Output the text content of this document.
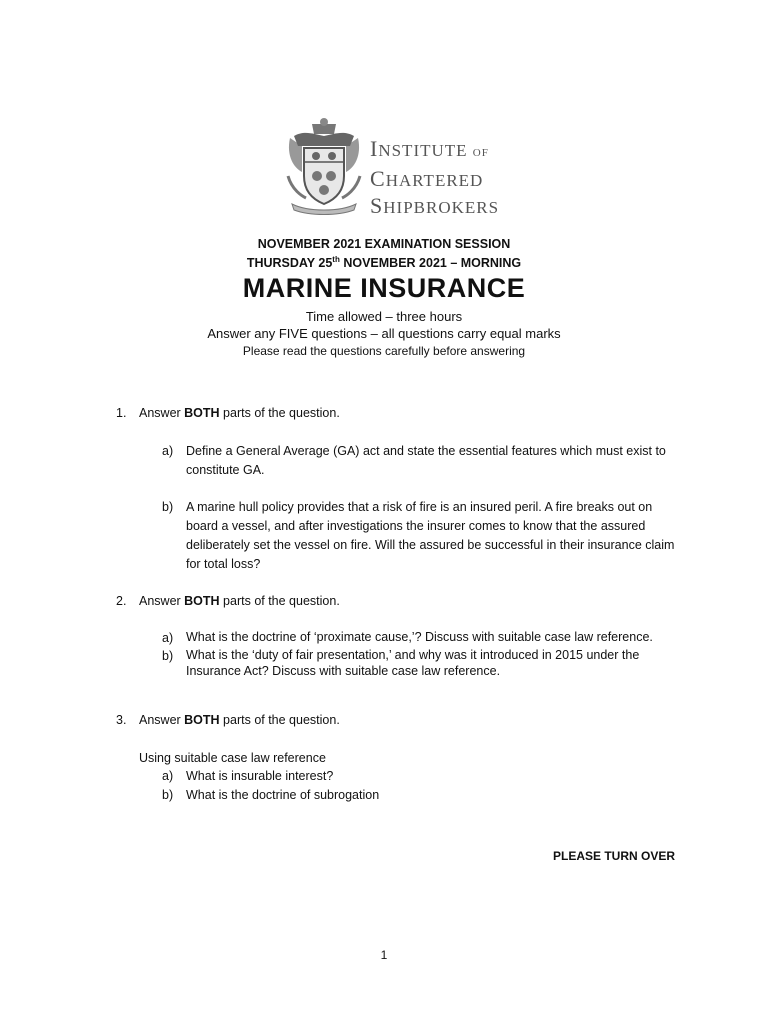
INSTITUTE OF
CHARTERED
SHIPBROKERS
NOVEMBER 2021 EXAMINATION SESSION
THURSDAY 25th NOVEMBER 2021 – MORNING
MARINE INSURANCE
Time allowed – three hours
Answer any FIVE questions – all questions carry equal marks
Please read the questions carefully before answering
1. Answer BOTH parts of the question.
a) Define a General Average (GA) act and state the essential features which must exist to constitute GA.
b) A marine hull policy provides that a risk of fire is an insured peril. A fire breaks out on board a vessel, and after investigations the insurer comes to know that the assured deliberately set the vessel on fire. Will the assured be successful in their insurance claim for total loss?
2. Answer BOTH parts of the question.
a) What is the doctrine of ‘proximate cause,’? Discuss with suitable case law reference.
b) What is the ‘duty of fair presentation,’ and why was it introduced in 2015 under the Insurance Act? Discuss with suitable case law reference.
3. Answer BOTH parts of the question.
Using suitable case law reference
a) What is insurable interest?
b) What is the doctrine of subrogation
PLEASE TURN OVER
1
